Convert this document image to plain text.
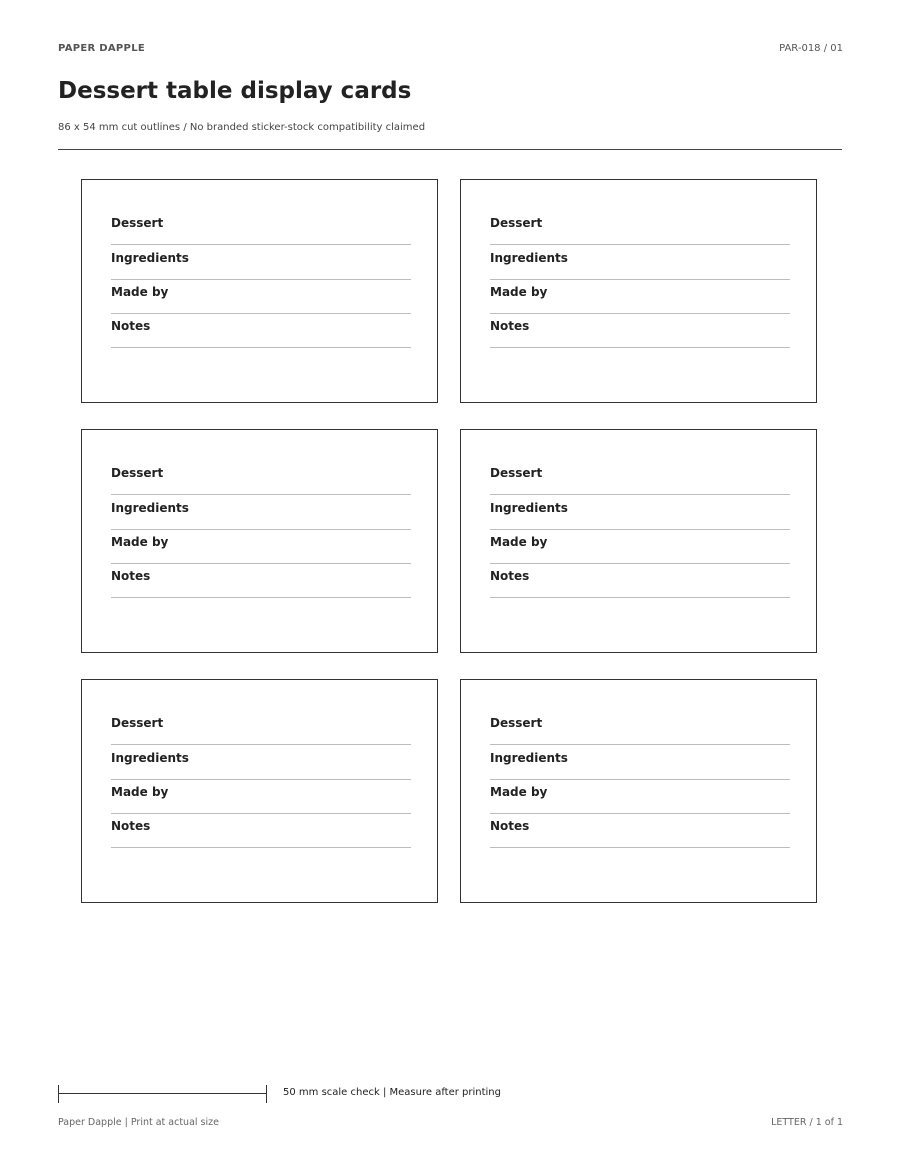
PAPER DAPPLE	PAR-018 / 01
Dessert table display cards
86 x 54 mm cut outlines / No branded sticker-stock compatibility claimed
Dessert
Ingredients
Made by
Notes
Dessert
Ingredients
Made by
Notes
Dessert
Ingredients
Made by
Notes
Dessert
Ingredients
Made by
Notes
Dessert
Ingredients
Made by
Notes
Dessert
Ingredients
Made by
Notes
50 mm scale check | Measure after printing
Paper Dapple | Print at actual size	LETTER / 1 of 1
